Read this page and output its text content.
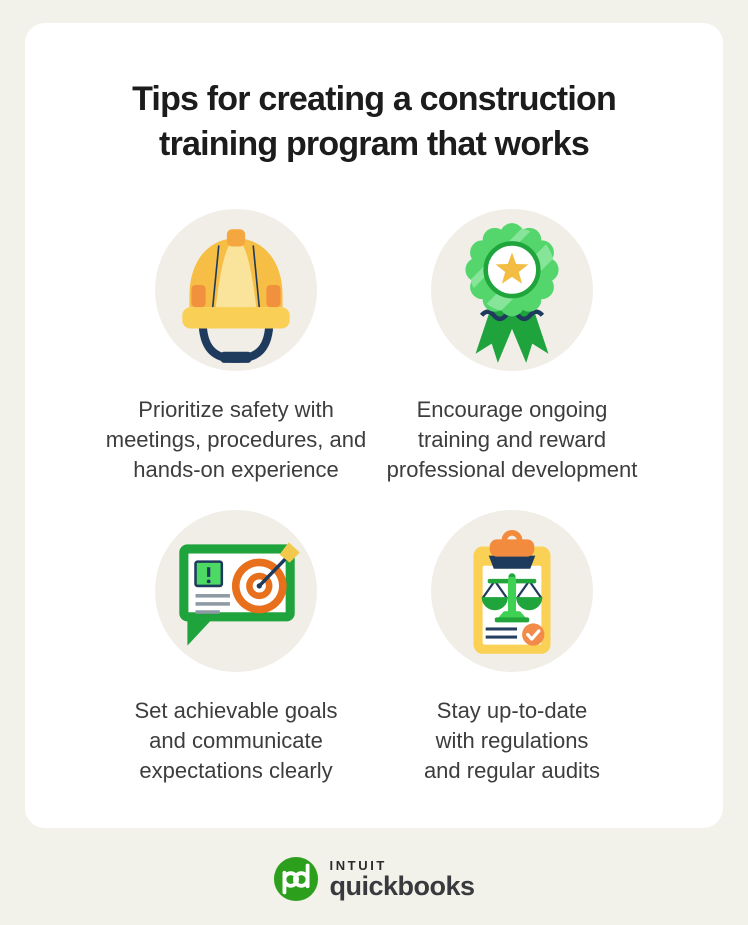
Tips for creating a construction
training program that works

Prioritize safety with
meetings, procedures, and
hands-on experience

Encourage ongoing
training and reward
professional development

Set achievable goals
and communicate
expectations clearly

Stay up-to-date
with regulations
and regular audits

INTUIT
quickbooks
